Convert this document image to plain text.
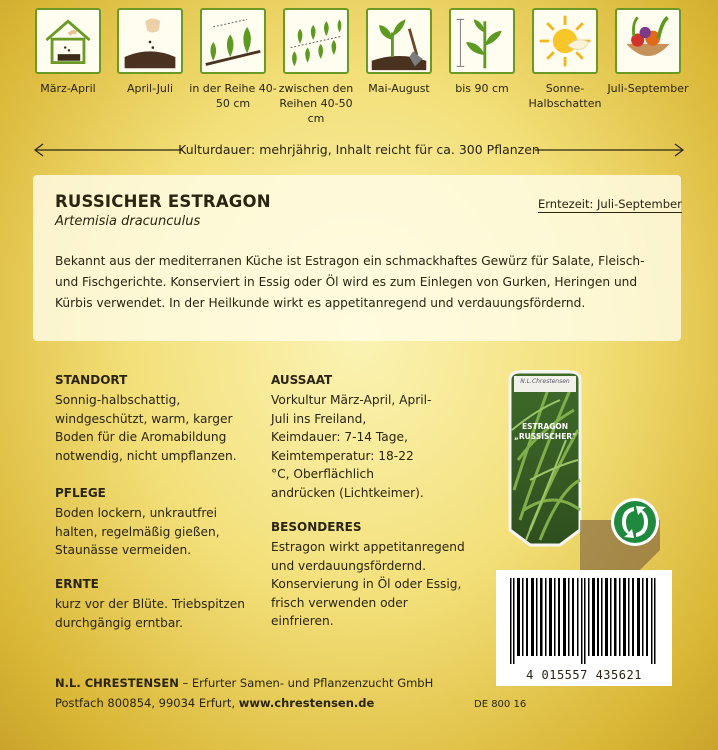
März-April	April-Juli	in der Reihe 40-50 cm
zwischen den Reihen 40-50 cm
Mai-August	bis 90 cm	Sonne-Halbschatten
Juli-September
Kulturdauer: mehrjährig, Inhalt reicht für ca. 300 Pflanzen
RUSSICHER ESTRAGON
Artemisia dracunculus
Erntezeit: Juli-September
Bekannt aus der mediterranen Küche ist Estragon ein schmackhaftes Gewürz für Salate, Fleisch- und Fischgerichte. Konserviert in Essig oder Öl wird es zum Einlegen von Gurken, Heringen und Kürbis verwendet. In der Heilkunde wirkt es appetitanregend und verdauungsfördernd.
STANDORT
Sonnig-halbschattig, windgeschützt, warm, karger Boden für die Aromabildung notwendig, nicht umpflanzen.
PFLEGE
Boden lockern, unkrautfrei halten, regelmäßig gießen, Staunässe vermeiden.
ERNTE
kurz vor der Blüte. Triebspitzen durchgängig erntbar.
AUSSAAT
Vorkultur März-April, April-Juli ins Freiland, Keimdauer: 7-14 Tage, Keimtemperatur: 18-22 °C, Oberflächlich andrücken (Lichtkeimer).
BESONDERES
Estragon wirkt appetitanregend und verdauungsfördernd. Konservierung in Öl oder Essig, frisch verwenden oder einfrieren.
N.L.Chrestensen
ESTRAGON
„RUSSISCHER"
4 015557 435621
N.L. CHRESTENSEN – Erfurter Samen- und Pflanzenzucht GmbH
Postfach 800854, 99034 Erfurt, www.chrestensen.de	DE 800 16
